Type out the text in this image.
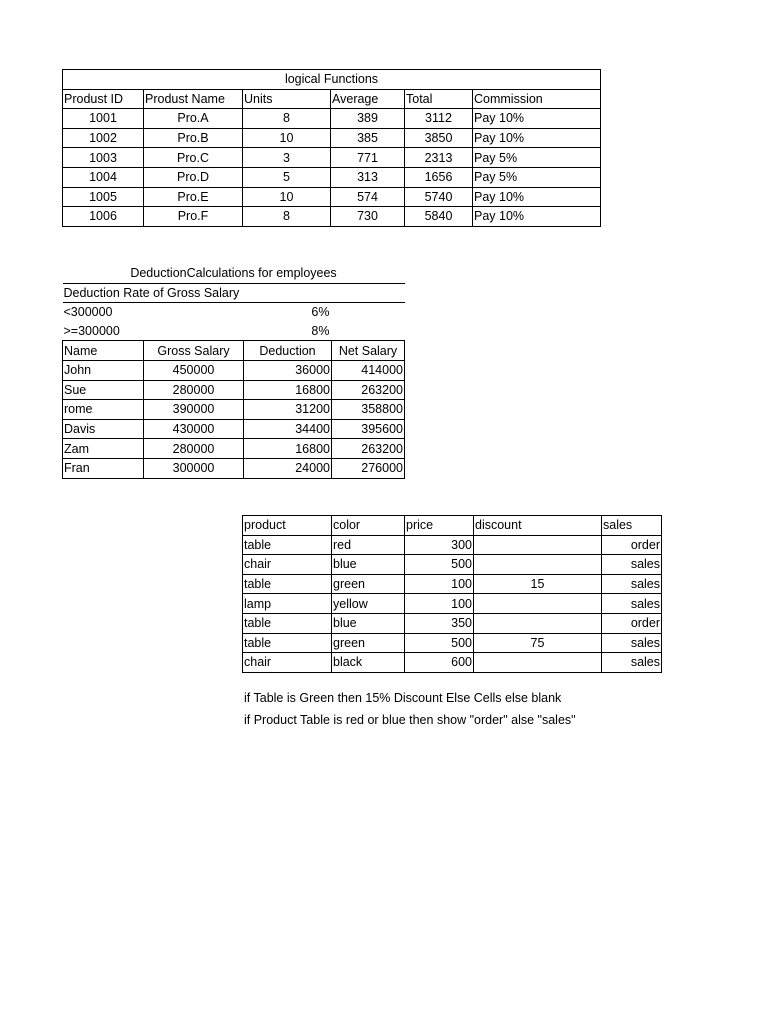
logical Functions					
Produst ID	Produst Name	Units	Average	Total	Commission
1001	Pro.A	8	389	3112	Pay 10%
1002	Pro.B	10	385	3850	Pay 10%
1003	Pro.C	3	771	2313	Pay 5%
1004	Pro.D	5	313	1656	Pay 5%
1005	Pro.E	10	574	5740	Pay 10%
1006	Pro.F	8	730	5840	Pay 10%
DeductionCalculations for employees			
Deduction Rate of Gross Salary			
<300000		6%	
>=300000		8%	
Name	Gross Salary	Deduction	Net Salary
John	450000	36000	414000
Sue	280000	16800	263200
rome	390000	31200	358800
Davis	430000	34400	395600
Zam	280000	16800	263200
Fran	300000	24000	276000
product	color	price	discount	sales
table	red	300		order
chair	blue	500		sales
table	green	100	15	sales
lamp	yellow	100		sales
table	blue	350		order
table	green	500	75	sales
chair	black	600		sales
if Table is Green then 15% Discount Else Cells else blank
if Product Table is red or blue then show "order" alse "sales"
